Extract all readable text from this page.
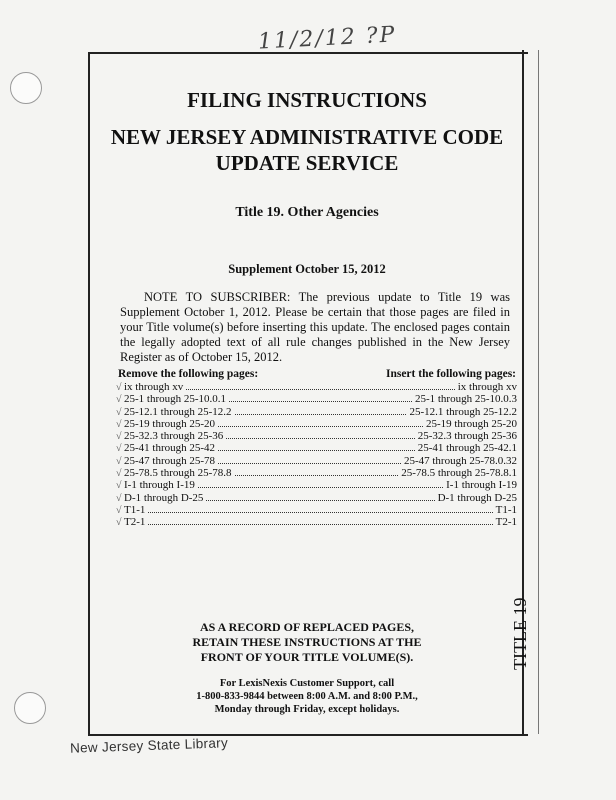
11/2/12 ?P
TITLE 19
FILING INSTRUCTIONS
NEW JERSEY ADMINISTRATIVE CODE
UPDATE SERVICE
Title 19. Other Agencies
Supplement October 15, 2012
NOTE TO SUBSCRIBER: The previous update to Title 19 was Supplement October 1, 2012. Please be certain that those pages are filed in your Title volume(s) before inserting this update. The enclosed pages contain the legally adopted text of all rule changes published in the New Jersey Register as of October 15, 2012.
Remove the following pages:	Insert the following pages:
√ ix through xv	ix through xv
√ 25-1 through 25-10.0.1	25-1 through 25-10.0.3
√ 25-12.1 through 25-12.2	25-12.1 through 25-12.2
√ 25-19 through 25-20	25-19 through 25-20
√ 25-32.3 through 25-36	25-32.3 through 25-36
√ 25-41 through 25-42	25-41 through 25-42.1
√ 25-47 through 25-78	25-47 through 25-78.0.32
√ 25-78.5 through 25-78.8	25-78.5 through 25-78.8.1
√ I-1 through I-19	I-1 through I-19
√ D-1 through D-25	D-1 through D-25
√ T1-1	T1-1
√ T2-1	T2-1
AS A RECORD OF REPLACED PAGES,
RETAIN THESE INSTRUCTIONS AT THE
FRONT OF YOUR TITLE VOLUME(S).
For LexisNexis Customer Support, call
1-800-833-9844 between 8:00 A.M. and 8:00 P.M.,
Monday through Friday, except holidays.
New Jersey State Library
